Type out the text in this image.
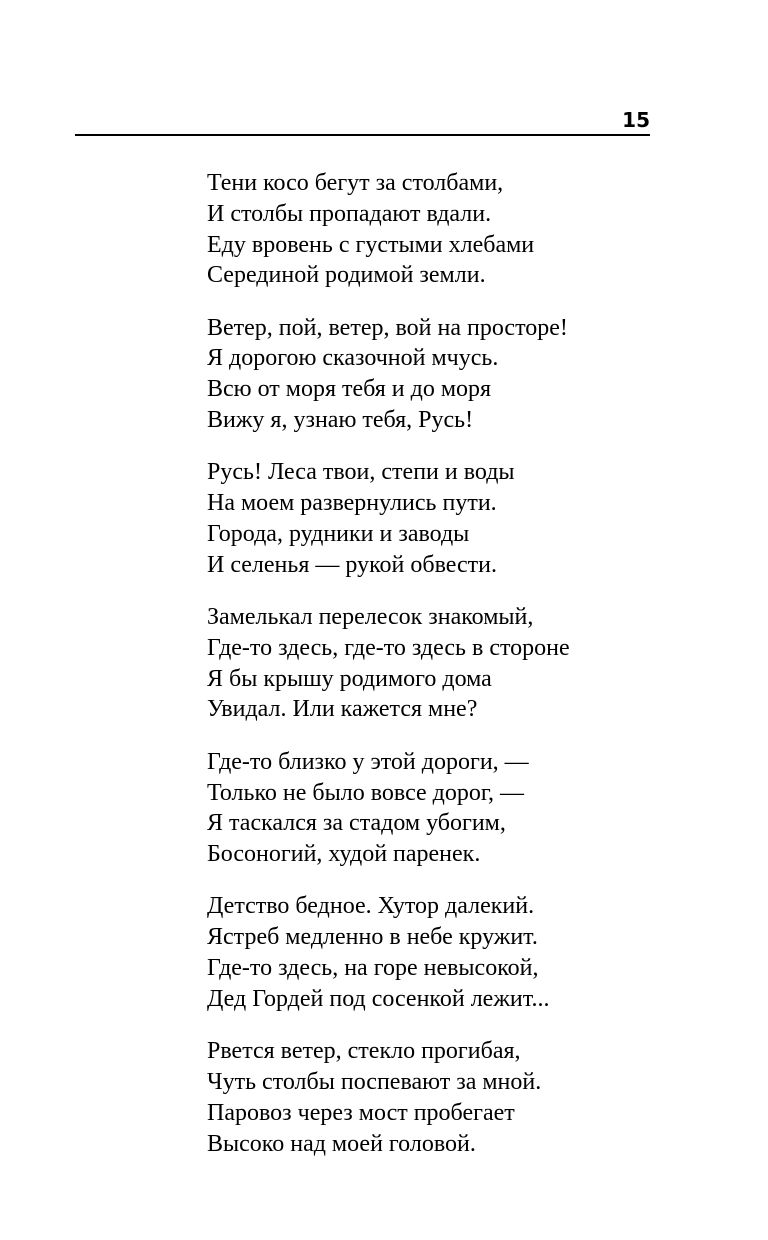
15
Тени косо бегут за столбами,
И столбы пропадают вдали.
Еду вровень с густыми хлебами
Серединой родимой земли.
Ветер, пой, ветер, вой на просторе!
Я дорогою сказочной мчусь.
Всю от моря тебя и до моря
Вижу я, узнаю тебя, Русь!
Русь! Леса твои, степи и воды
На моем развернулись пути.
Города, рудники и заводы
И селенья — рукой обвести.
Замелькал перелесок знакомый,
Где-то здесь, где-то здесь в стороне
Я бы крышу родимого дома
Увидал. Или кажется мне?
Где-то близко у этой дороги, —
Только не было вовсе дорог, —
Я таскался за стадом убогим,
Босоногий, худой паренек.
Детство бедное. Хутор далекий.
Ястреб медленно в небе кружит.
Где-то здесь, на горе невысокой,
Дед Гордей под сосенкой лежит...
Рвется ветер, стекло прогибая,
Чуть столбы поспевают за мной.
Паровоз через мост пробегает
Высоко над моей головой.
